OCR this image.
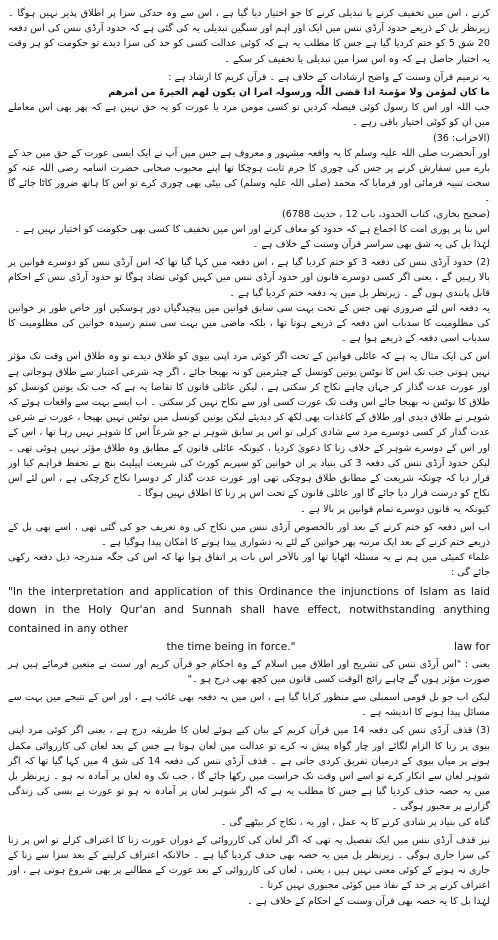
کرنے ، اس میں تخفیف کرنے یا تبدیلی کرنے کا جو اختیار دیا گیا ہے ، اس سے وہ حدکی سزا پر اطلاق پذیر نہیں ہوگا ۔ زیرنظر بل کے ذریعے حدود آرڈی ننس میں ایک اور اہم اور سنگین تبدیلی یہ کی گئی ہے کہ حدود آرڈی ننس کی اس دفعہ 20 شق 5 کو ختم کردیا گیا ہے جس کا مطلب یہ ہے کہ کوئی عدالت کسی کو حد کی سزا دیدے تو حکومت کو ہر وقت یہ اختیار حاصل ہے کہ وہ اس سزا میں تبدیلی یا تخفیف کر سکے ۔

یہ ترمیم قرآن وسنت کے واضح ارشادات کے خلاف ہے ۔ قرآن کریم کا ارشاد ہے :

ما کان لمؤمن ولا مؤمنۃ اذا قضی اللّٰہ ورسولہ امرا ان یکون لھم الخیرۃ من امرھم

جب اللہ اور اس کا رسول کوئی فیصلہ کردیں تو کسی مومن مرد یا عورت کو یہ حق نہیں ہے کہ پھر بھی اس معاملے میں ان کو کوئی اختیار باقی رہے ۔

(الاحزاب: 36)

اور آنحضرت صلی اللہ علیہ وسلم کا یہ واقعہ مشہور و معروف ہے جس میں آپ نے ایک ایسی عورت کے حق میں حد کے بارے میں سفارش کرنے پر جس کی چوری کا جرم ثابت ہوچکا تھا اپنے محبوب صحابی حضرت اسامہ رضی اللہ عنہ کو سخت تنبیہ فرمائی اور فرمایا کہ محمد (صلی اللہ علیہ وسلم) کی بیٹی بھی چوری کرے تو اس کا ہاتھ ضرور کاٹا جائے گا ۔

(صحیح بخاری، کتاب الحدود، باب 12 ، حدیث 6788)

اس بنا پر پوری امت کا اجماع ہے کہ حدود کو معاف کرنے اور اس میں تخفیف کا کسی بھی حکومت کو اختیار نہیں ہے ۔

لہٰذا بل کی یہ شق بھی سراسر قرآن وسنت کے خلاف ہے ۔

(2) حدود آرڈی ننس کی دفعہ 3 کو ختم کردیا گیا ہے ، اس دفعہ میں کہا گیا تھا کہ اس آرڈی ننس کو دوسرے قوانین پر بالا رہیں گے ، یعنی اگر کسی دوسرے قانون اور حدود آرڈی ننس میں کہیں کوئی تضاد ہوگا تو حدود آرڈی ننس کے احکام قابل پابندی ہوں گے ۔ زیرنظر بل میں یہ دفعہ ختم کردیا گیا ہے ۔

یہ دفعہ اس لئے ضروری تھی جس کے تحت بہت سی سابق قوانین میں پیچیدگیاں دور ہوسکیں اور خاص طور پر خواتین کی مظلومیت کا سدباب اس دفعہ کے ذریعے ہوتا تھا ، بلکہ ماضی میں بہت سی ستم رسیدہ خواتین کی مظلومیت کا سدباب اسی دفعہ کے ذریعے ہوا ہے ۔

اس کی ایک مثال یہ ہے کہ عائلی قوانین کے تحت اگر کوئی مرد اپنی بیوی کو طلاق دیدے تو وہ طلاق اس وقت تک مؤثر نہیں ہوتی جب تک اس کا نوٹس یونین کونسل کے چیئرمین کو نہ بھیجا جائے ، اگر چہ شرعی اعتبار سے طلاق ہوجاتی ہے اور عورت عدت گذار کر جہاں چاہے نکاح کر سکتی ہے ، لیکن عائلی قانون کا تقاضا یہ ہے کہ جب تک یونین کونسل کو طلاق کا نوٹس نہ بھیجا جائے اس وقت تک عورت کسی اور سے نکاح نہیں کر سکتی ۔ اب ایسے بہت سے واقعات ہوئے کہ شوہر نے طلاق دیدی اور طلاق کے کاغذات بھی لکھ کر دیدیئے لیکن یونین کونسل میں نوٹس نہیں بھیجا ، عورت نے شرعی عدت گذار کر کسی دوسرے مرد سے شادی کرلی تو اس پر سابق شوہر نے جو شرعاً اس کا شوہر نہیں رہا تھا ، اس کے اور اس کے دوسرے شوہر کے خلاف زنا کا دعویٰ کردیا ، کیونکہ عائلی قانون کے مطابق وہ طلاق مؤثر نہیں ہوئی تھی ۔ لیکن حدود آرڈی ننس کی دفعہ 3 کی بنیاد پر ان خواتین کو سپریم کورٹ کی شریعت اپیلیٹ بنچ نے تحفظ فراہم کیا اور قرار دیا کہ چونکہ شریعت کے مطابق طلاق ہوچکی تھی اور عورت عدت گذار کر دوسرا نکاح کرچکی ہے ، اس لئے اس نکاح کو درست قرار دیا جائے گا اور عائلی قانون کے تحت اس پر زنا کا اطلاق نہیں ہوگا ۔

کیونکہ یہ قانون دوسرے تمام قوانین پر بالا ہے ۔

اب اس دفعہ کو ختم کرنے کے بعد اور بالخصوص آرڈی ننس میں نکاح کی وہ تعریف جو کی گئی تھی ، اسے بھی بل کے ذریعے ختم کرنے کے بعد ایک مرتبہ پھر خواتین کے لئے یہ دشواری پیدا ہونے کا امکان پیدا ہوگیا ہے ۔

علماء کمیٹی میں ہم نے یہ مسئلہ اٹھایا تھا اور بالآخر اس بات پر اتفاق ہوا تھا کہ اس کی جگہ مندرجہ ذیل دفعہ رکھی جائے گی :

"In the interpretation and application of this Ordinance the injunctions of Islam as laid down in the Holy Qur'an and Sunnah shall have effect, notwithstanding anything contained in any other

the time being in force."	law for

یعنی : "اس آرڈی ننس کی تشریح اور اطلاق میں اسلام کے وہ احکام جو قرآن کریم اور سنت نے متعین فرمائے ہیں ہر صورت مؤثر ہوں گے چاہے رائج الوقت کسی قانون میں کچھ بھی درج ہو ۔"

لیکن اب جو بل قومی اسمبلی سے منظور کرایا گیا ہے ، اس میں یہ دفعہ بھی غائب ہے ، اور اس کے نتیجے میں بہت سے مسائل پیدا ہونے کا اندیشہ ہے ۔

(3) قذف آرڈی ننس کی دفعہ 14 میں قرآن کریم کے بیان کیے ہوئے لعان کا طریقہ درج ہے ، یعنی اگر کوئی مرد اپنی بیوی پر زنا کا الزام لگائے اور چار گواہ پیش نہ کرے تو عدالت میں لعان ہوتا ہے جس کے بعد لعان کی کارروائی مکمل ہونے پر میاں بیوی کے درمیان تفریق کردی جاتی ہے ۔ قذف آرڈی ننس کی دفعہ 14 کی شق 4 میں کہا گیا تھا کہ اگر شوہر لعان سے انکار کرے تو اسے اس وقت تک حراست میں رکھا جائے گا ، جب تک وہ لعان پر آمادہ نہ ہو ۔ زیرنظر بل میں یہ حصہ حذف کردیا گیا ہے جس کا مطلب یہ ہے کہ اگر شوہر لعان پر آمادہ نہ ہو تو عورت بے بسی کی زندگی گزارنے پر مجبور ہوگی ۔

گناہ کی بنیاد پر شادی کرنے کا یہ عمل ، اور یہ ، نکاح کر بیٹھے گی ۔

نیز قذف آرڈی ننس میں ایک تفصیل یہ تھی کہ اگر لعان کی کارروائی کے دوران عورت زنا کا اعتراف کرلے تو اس پر زنا کی سزا جاری ہوگی ۔ زیرنظر بل میں یہ حصہ بھی حذف کردیا گیا ہے ۔ حالانکہ اعتراف کرلینے کے بعد سزا سے زنا کے جاری نہ ہونے کے کوئی معنی نہیں ہیں ، یعنی ، لعان کی کارروائی کے بعد عورت کے مطالبے پر بھی شروع ہوتی ہے ، اور اعتراف کرنے پر حد کے نفاذ میں کوئی مجبوری نہیں کرتا ۔

لہٰذا بل کا یہ حصہ بھی قرآن وسنت کے احکام کے خلاف ہے ۔
